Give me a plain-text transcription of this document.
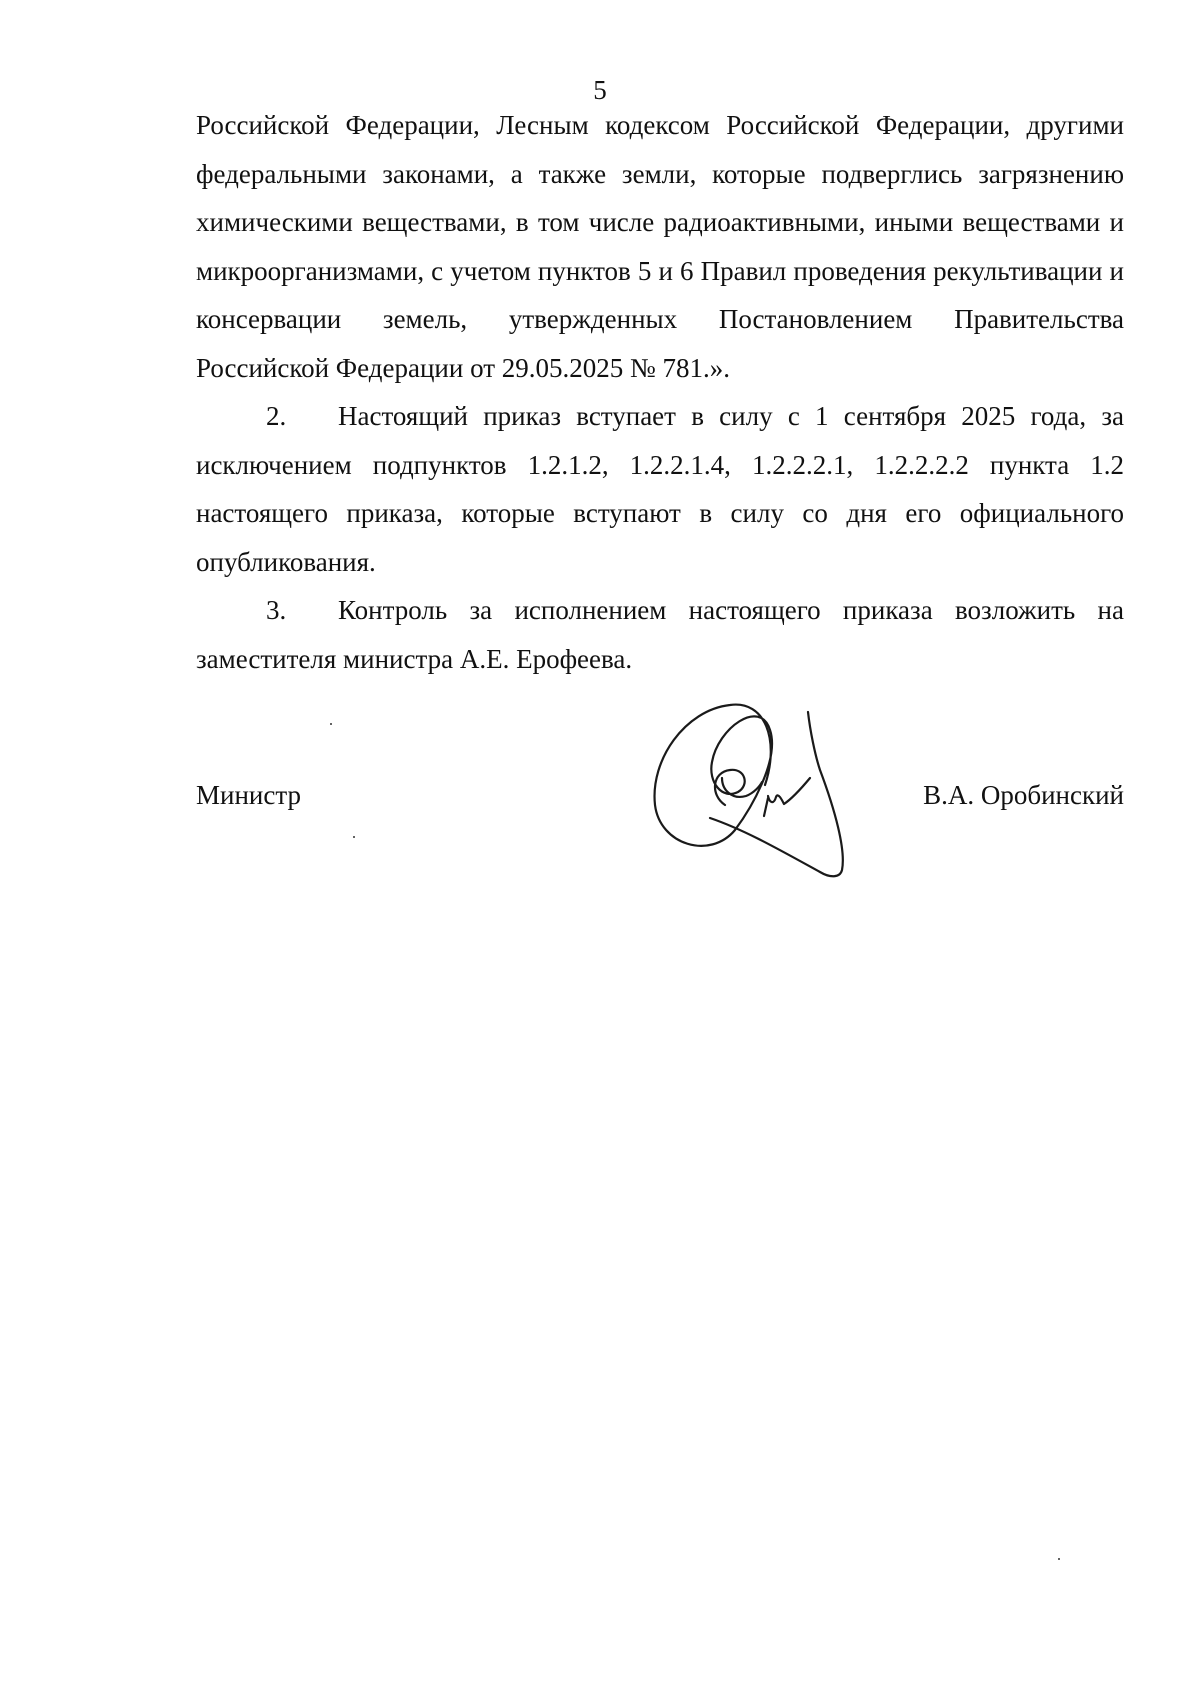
5

Российской Федерации, Лесным кодексом Российской Федерации, другими федеральными законами, а также земли, которые подверглись загрязнению химическими веществами, в том числе радиоактивными, иными веществами и микроорганизмами, с учетом пунктов 5 и 6 Правил проведения рекультивации и консервации земель, утвержденных Постановлением Правительства Российской Федерации от 29.05.2025 № 781.».

2. Настоящий приказ вступает в силу с 1 сентября 2025 года, за исключением подпунктов 1.2.1.2, 1.2.2.1.4, 1.2.2.2.1, 1.2.2.2.2 пункта 1.2 настоящего приказа, которые вступают в силу со дня его официального опубликования.

3. Контроль за исполнением настоящего приказа возложить на заместителя министра А.Е. Ерофеева.

Министр	В.А. Оробинский
